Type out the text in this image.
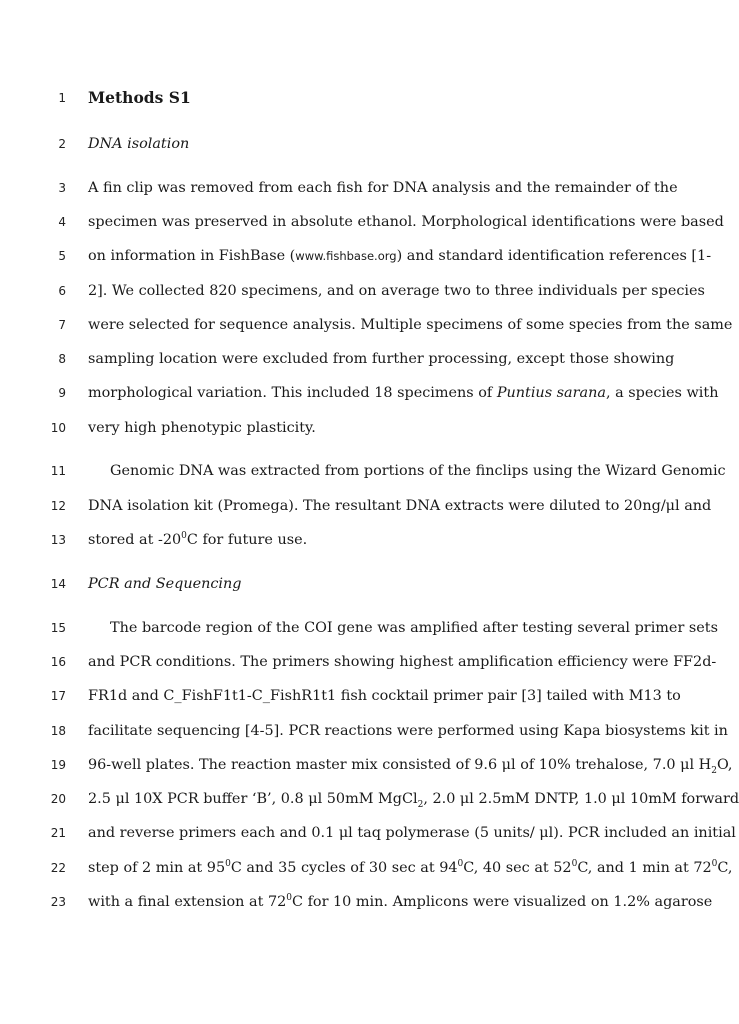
1 Methods S1
2 DNA isolation
3 A fin clip was removed from each fish for DNA analysis and the remainder of the
4 specimen was preserved in absolute ethanol. Morphological identifications were based
5 on information in FishBase (www.fishbase.org) and standard identification references [1-
6 2]. We collected 820 specimens, and on average two to three individuals per species
7 were selected for sequence analysis. Multiple specimens of some species from the same
8 sampling location were excluded from further processing, except those showing
9 morphological variation. This included 18 specimens of Puntius sarana, a species with
10 very high phenotypic plasticity.
11	Genomic DNA was extracted from portions of the finclips using the Wizard Genomic
12 DNA isolation kit (Promega). The resultant DNA extracts were diluted to 20ng/μl and
13 stored at $-20^0C$ for future use.
14 PCR and Sequencing
15	The barcode region of the COI gene was amplified after testing several primer sets
16 and PCR conditions. The primers showing highest amplification efficiency were FF2d-
17 FR1d and C_FishF1t1-C_FishR1t1 fish cocktail primer pair [3] tailed with M13 to
18 facilitate sequencing [4-5]. PCR reactions were performed using Kapa biosystems kit in
19 96-well plates. The reaction master mix consisted of 9.6 μl of 10% trehalose, 7.0 μl $H_2O$,
20 2.5 μl 10X PCR buffer ‘B’, 0.8 μl 50mM MgCl$_2$, 2.0 μl 2.5mM DNTP, 1.0 μl 10mM forward
21 and reverse primers each and 0.1 μl taq polymerase (5 units/ μl). PCR included an initial
22 step of 2 min at $95^0C$ and 35 cycles of 30 sec at $94^0C$, 40 sec at $52^0C$, and 1 min at $72^0C$,
23 with a final extension at $72^0C$ for 10 min. Amplicons were visualized on 1.2% agarose
